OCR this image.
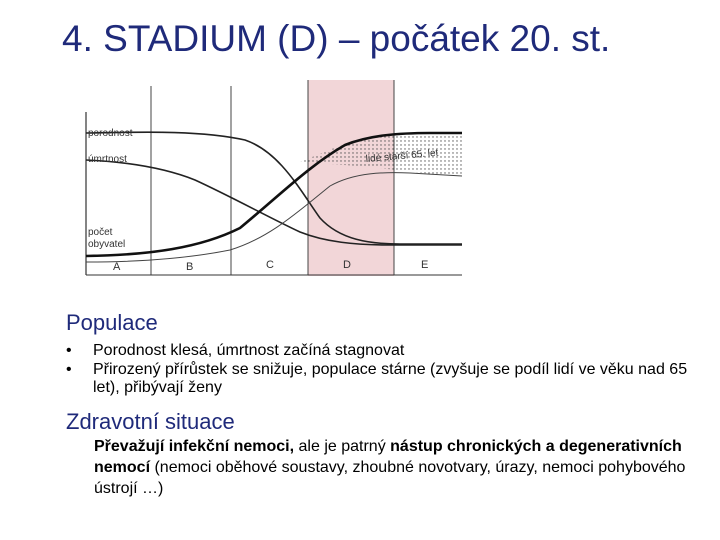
4. STADIUM (D) – počátek 20. st.
porodnost
úmrtnost
počet
obyvatel
lidé starší 65. let
A	B	C	D	E
Populace
• Porodnost klesá, úmrtnost začíná stagnovat
• Přirozený přírůstek se snižuje, populace stárne (zvyšuje se podíl lidí ve věku nad 65 let), přibývají ženy
Zdravotní situace
Převažují infekční nemoci, ale je patrný nástup chronických a degenerativních nemocí (nemoci oběhové soustavy, zhoubné novotvary, úrazy, nemoci pohybového ústrojí …)
